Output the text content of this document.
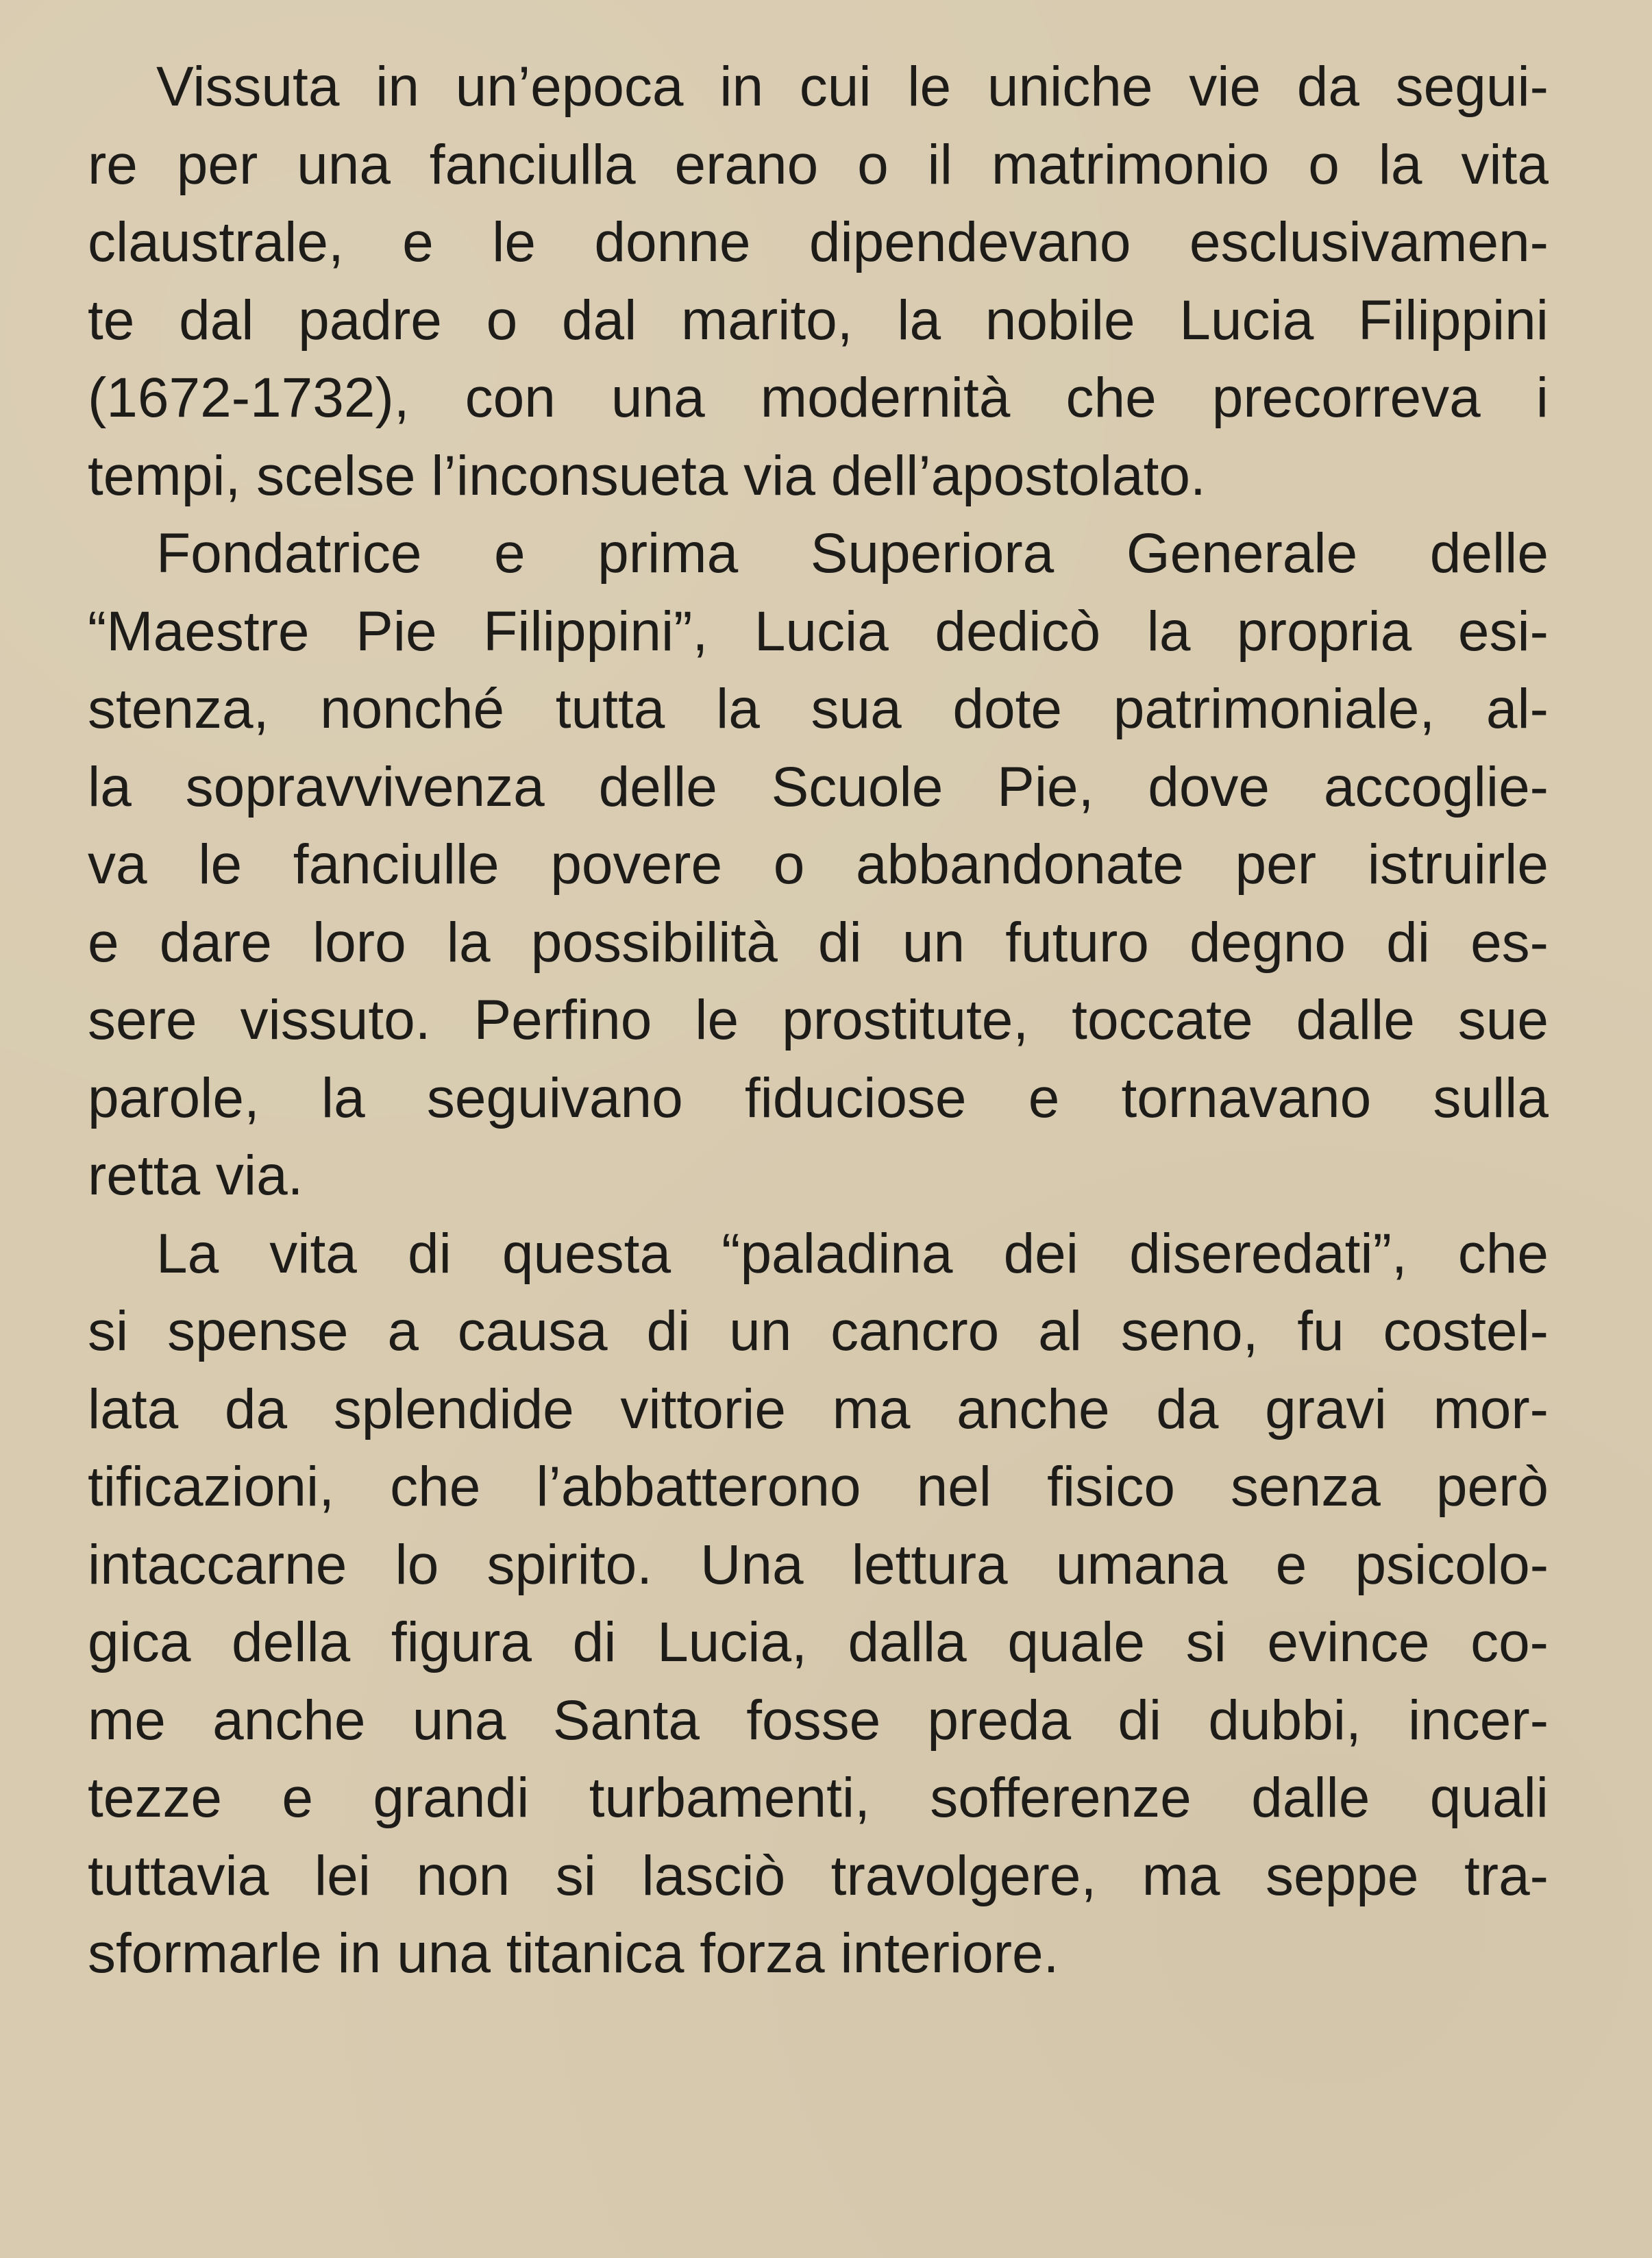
Vissuta in un’epoca in cui le uniche vie da segui-
re per una fanciulla erano o il matrimonio o la vita
claustrale, e le donne dipendevano esclusivamen-
te dal padre o dal marito, la nobile Lucia Filippini
(1672-1732), con una modernità che precorreva i
tempi, scelse l’inconsueta via dell’apostolato.
Fondatrice e prima Superiora Generale delle
“Maestre Pie Filippini”, Lucia dedicò la propria esi-
stenza, nonché tutta la sua dote patrimoniale, al-
la sopravvivenza delle Scuole Pie, dove accoglie-
va le fanciulle povere o abbandonate per istruirle
e dare loro la possibilità di un futuro degno di es-
sere vissuto. Perfino le prostitute, toccate dalle sue
parole, la seguivano fiduciose e tornavano sulla
retta via.
La vita di questa “paladina dei diseredati”, che
si spense a causa di un cancro al seno, fu costel-
lata da splendide vittorie ma anche da gravi mor-
tificazioni, che l’abbatterono nel fisico senza però
intaccarne lo spirito. Una lettura umana e psicolo-
gica della figura di Lucia, dalla quale si evince co-
me anche una Santa fosse preda di dubbi, incer-
tezze e grandi turbamenti, sofferenze dalle quali
tuttavia lei non si lasciò travolgere, ma seppe tra-
sformarle in una titanica forza interiore.
